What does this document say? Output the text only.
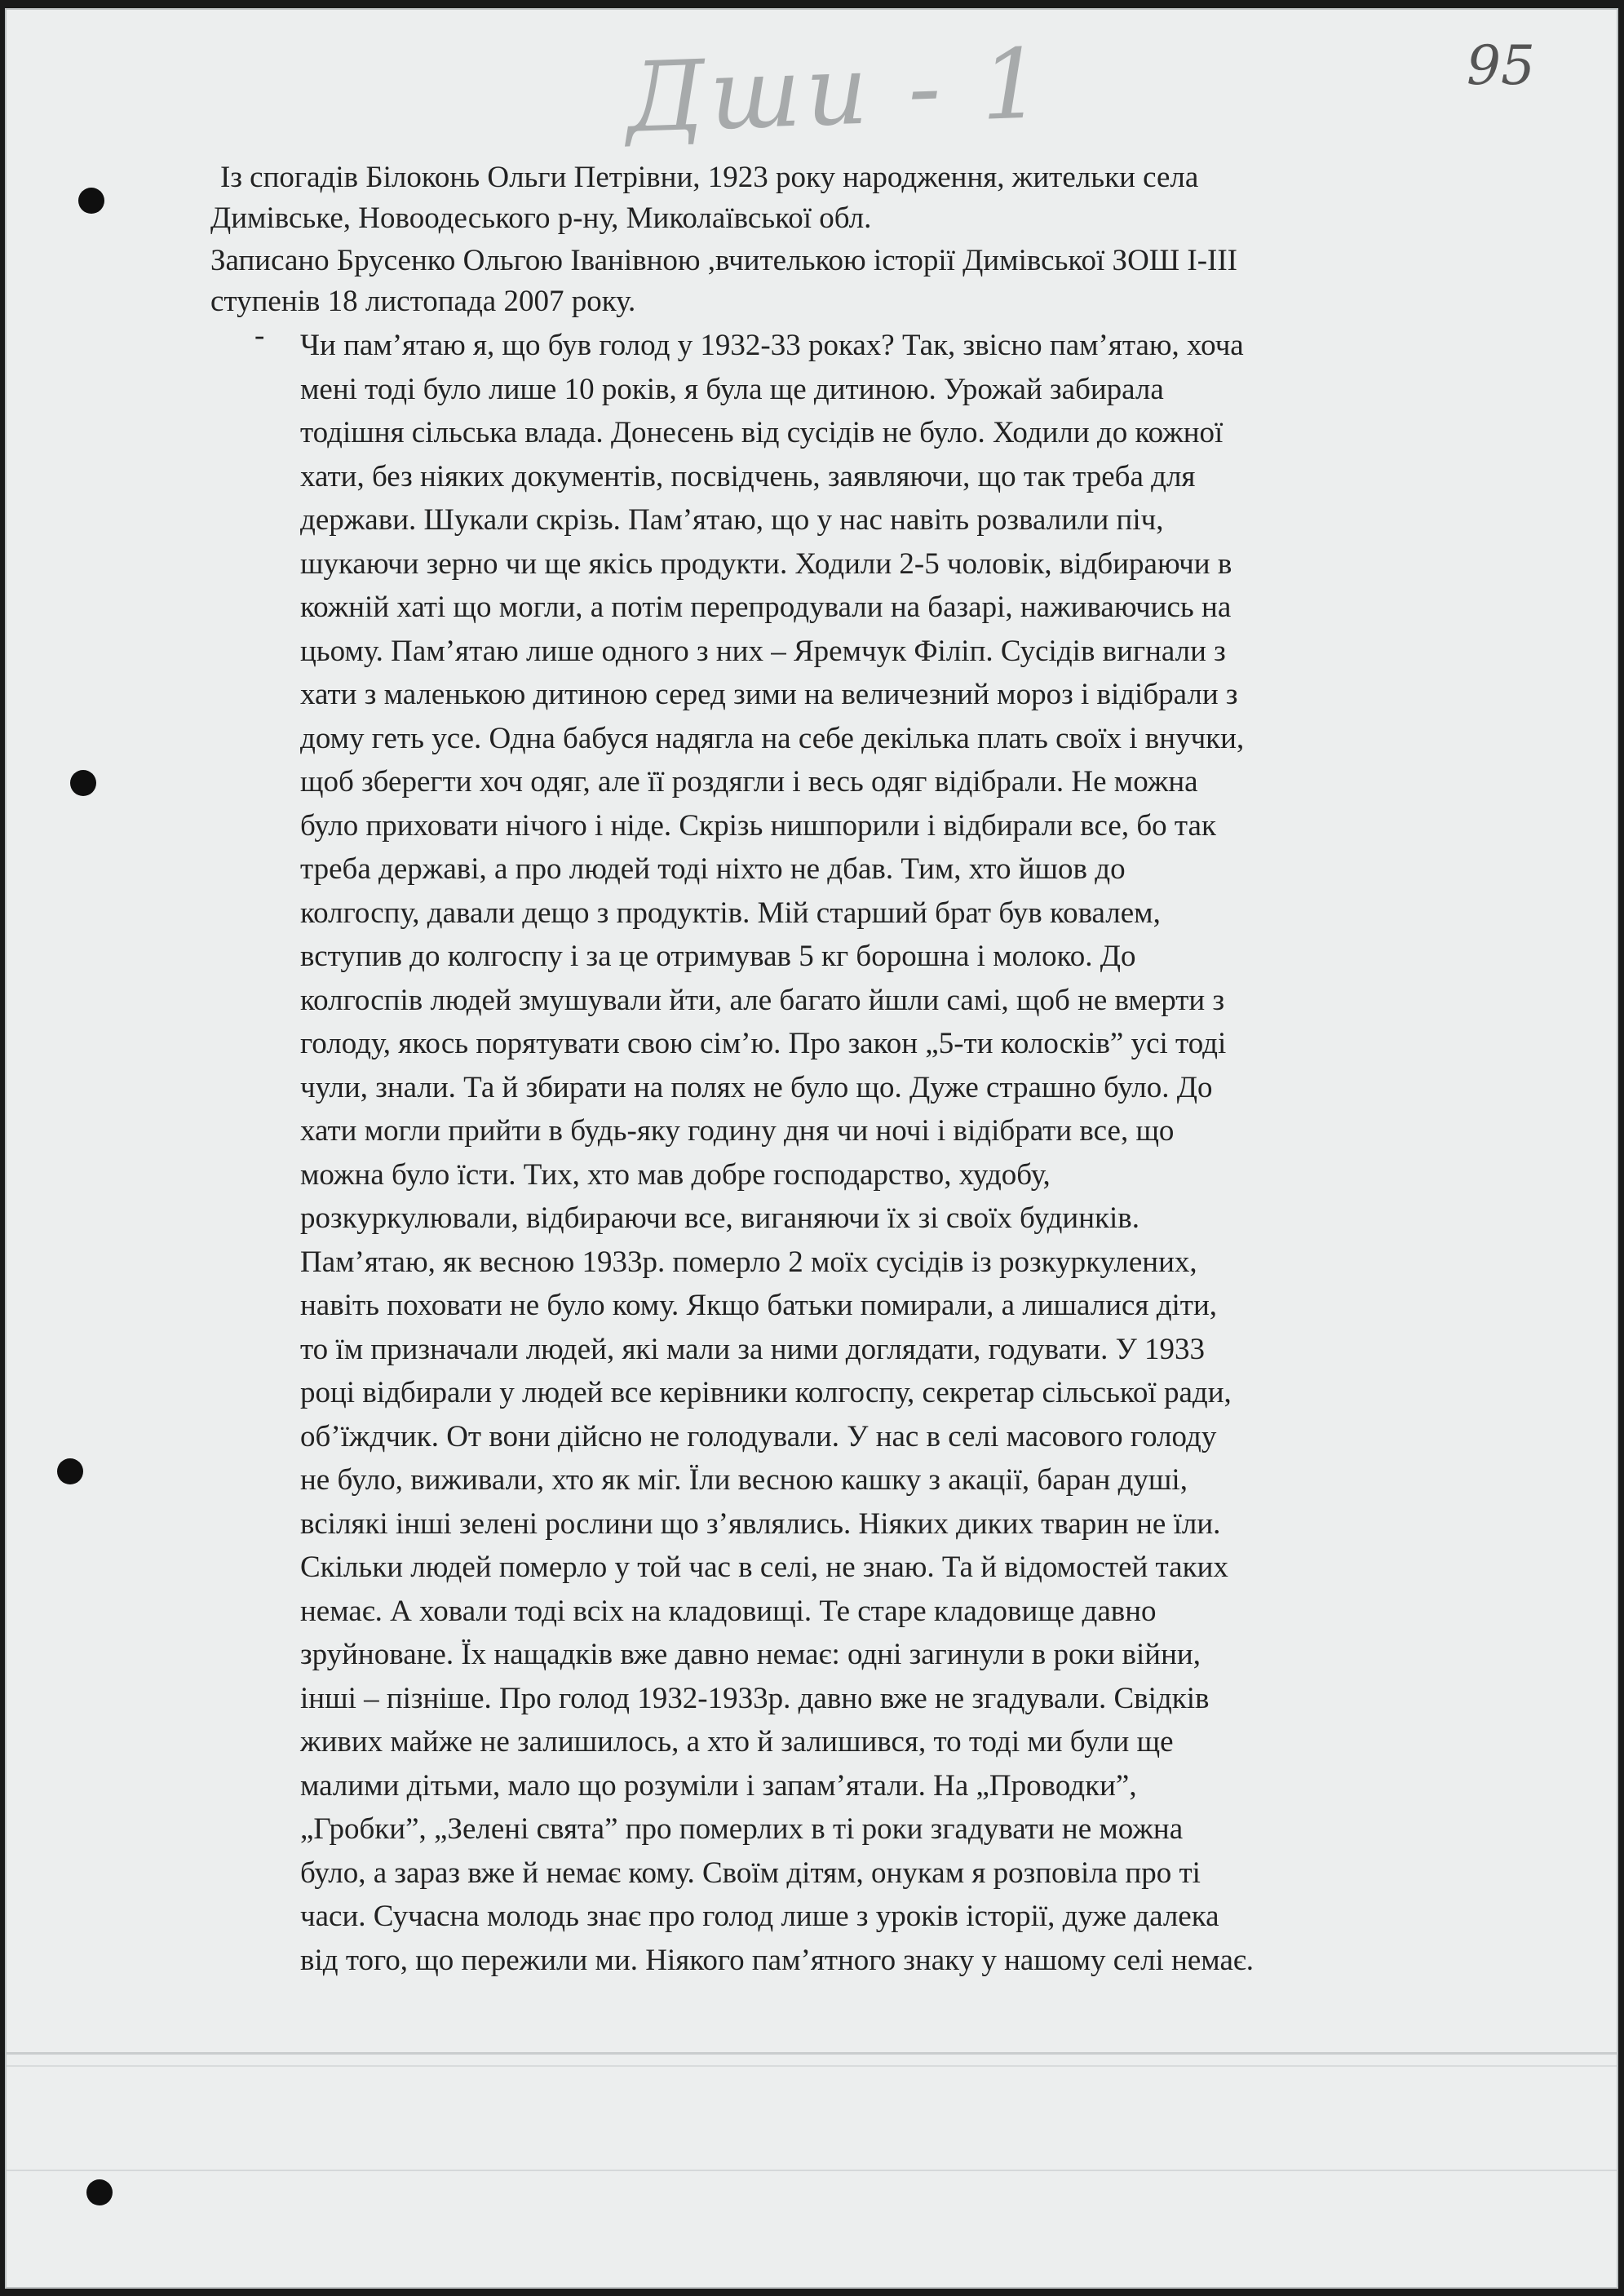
Дши - 1	95
Із спогадів Білоконь Ольги Петрівни, 1923 року народження, жительки села
Димівське, Новоодеського р-ну, Миколаївської обл.
Записано Брусенко Ольгою Іванівною ,вчителькою історії Димівської ЗОШ І-ІІІ
ступенів 18 листопада 2007 року.
- Чи пам’ятаю я, що був голод у 1932-33 роках? Так, звісно пам’ятаю, хоча
мені тоді було лише 10 років, я була ще дитиною. Урожай забирала
тодішня сільська влада. Донесень від сусідів не було. Ходили до кожної
хати, без ніяких документів, посвідчень, заявляючи, що так треба для
держави. Шукали скрізь. Пам’ятаю, що у нас навіть розвалили піч,
шукаючи зерно чи ще якісь продукти. Ходили 2-5 чоловік, відбираючи в
кожній хаті що могли, а потім перепродували на базарі, наживаючись на
цьому. Пам’ятаю лише одного з них – Яремчук Філіп. Сусідів вигнали з
хати з маленькою дитиною серед зими на величезний мороз і відібрали з
дому геть усе. Одна бабуся надягла на себе декілька плать своїх і внучки,
щоб зберегти хоч одяг, але її роздягли і весь одяг відібрали. Не можна
було приховати нічого і ніде. Скрізь нишпорили і відбирали все, бо так
треба державі, а про людей тоді ніхто не дбав. Тим, хто йшов до
колгоспу, давали дещо з продуктів. Мій старший брат був ковалем,
вступив до колгоспу і за це отримував 5 кг борошна і молоко. До
колгоспів людей змушували йти, але багато йшли самі, щоб не вмерти з
голоду, якось порятувати свою сім’ю. Про закон „5-ти колосків” усі тоді
чули, знали. Та й збирати на полях не було що. Дуже страшно було. До
хати могли прийти в будь-яку годину дня чи ночі і відібрати все, що
можна було їсти. Тих, хто мав добре господарство, худобу,
розкуркулювали, відбираючи все, виганяючи їх зі своїх будинків.
Пам’ятаю, як весною 1933р. померло 2 моїх сусідів із розкуркулених,
навіть поховати не було кому. Якщо батьки помирали, а лишалися діти,
то їм призначали людей, які мали за ними доглядати, годувати. У 1933
році відбирали у людей все керівники колгоспу, секретар сільської ради,
об’їждчик. От вони дійсно не голодували. У нас в селі масового голоду
не було, виживали, хто як міг. Їли весною кашку з акації, баран душі,
всілякі інші зелені рослини що з’являлись. Ніяких диких тварин не їли.
Скільки людей померло у той час в селі, не знаю. Та й відомостей таких
немає. А ховали тоді всіх на кладовищі. Те старе кладовище давно
зруйноване. Їх нащадків вже давно немає: одні загинули в роки війни,
інші – пізніше. Про голод 1932-1933р. давно вже не згадували. Свідків
живих майже не залишилось, а хто й залишився, то тоді ми були ще
малими дітьми, мало що розуміли і запам’ятали. На „Проводки”,
„Гробки”, „Зелені свята” про померлих в ті роки згадувати не можна
було, а зараз вже й немає кому. Своїм дітям, онукам я розповіла про ті
часи. Сучасна молодь знає про голод лише з уроків історії, дуже далека
від того, що пережили ми. Ніякого пам’ятного знаку у нашому селі немає.
